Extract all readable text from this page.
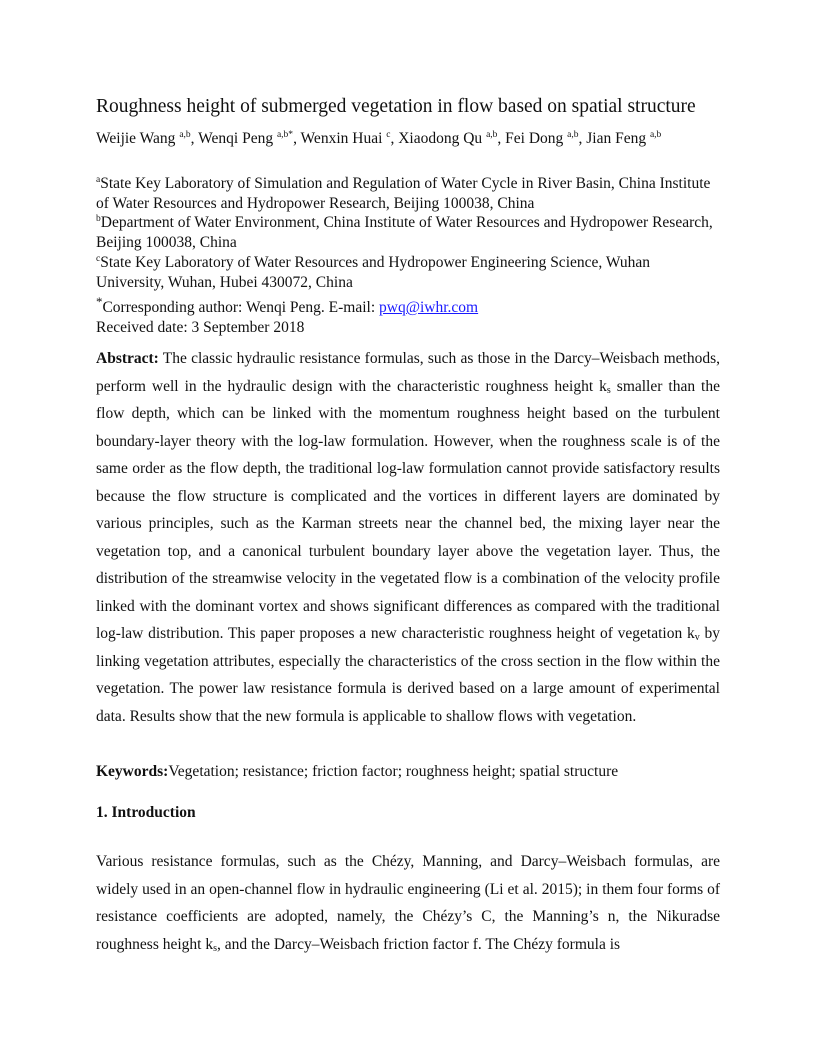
Roughness height of submerged vegetation in flow based on spatial structure
Weijie Wang $^{a,b}$, Wenqi Peng $^{a,b*}$, Wenxin Huai $^c$, Xiaodong Qu $^{a,b}$, Fei Dong $^{a,b}$, Jian Feng $^{a,b}$

$^a$State Key Laboratory of Simulation and Regulation of Water Cycle in River Basin, China Institute of Water Resources and Hydropower Research, Beijing 100038, China

$^b$Department of Water Environment, China Institute of Water Resources and Hydropower Research, Beijing 100038, China

$^c$State Key Laboratory of Water Resources and Hydropower Engineering Science, Wuhan University, Wuhan, Hubei 430072, China

*Corresponding author: Wenqi Peng. E-mail: pwq@iwhr.com

Received date: 3 September 2018

Abstract: The classic hydraulic resistance formulas, such as those in the Darcy–Weisbach methods, perform well in the hydraulic design with the characteristic roughness height $k_s$ smaller than the flow depth, which can be linked with the momentum roughness height based on the turbulent boundary-layer theory with the log-law formulation. However, when the roughness scale is of the same order as the flow depth, the traditional log-law formulation cannot provide satisfactory results because the flow structure is complicated and the vortices in different layers are dominated by various principles, such as the Karman streets near the channel bed, the mixing layer near the vegetation top, and a canonical turbulent boundary layer above the vegetation layer. Thus, the distribution of the streamwise velocity in the vegetated flow is a combination of the velocity profile linked with the dominant vortex and shows significant differences as compared with the traditional log-law distribution. This paper proposes a new characteristic roughness height of vegetation $k_v$ by linking vegetation attributes, especially the characteristics of the cross section in the flow within the vegetation. The power law resistance formula is derived based on a large amount of experimental data. Results show that the new formula is applicable to shallow flows with vegetation.

Keywords:Vegetation; resistance; friction factor; roughness height; spatial structure

1. Introduction

Various resistance formulas, such as the Chézy, Manning, and Darcy–Weisbach formulas, are widely used in an open-channel flow in hydraulic engineering (Li et al. 2015); in them four forms of resistance coefficients are adopted, namely, the Chézy’s C, the Manning’s n, the Nikuradse roughness height $k_s$, and the Darcy–Weisbach friction factor f. The Chézy formula is
